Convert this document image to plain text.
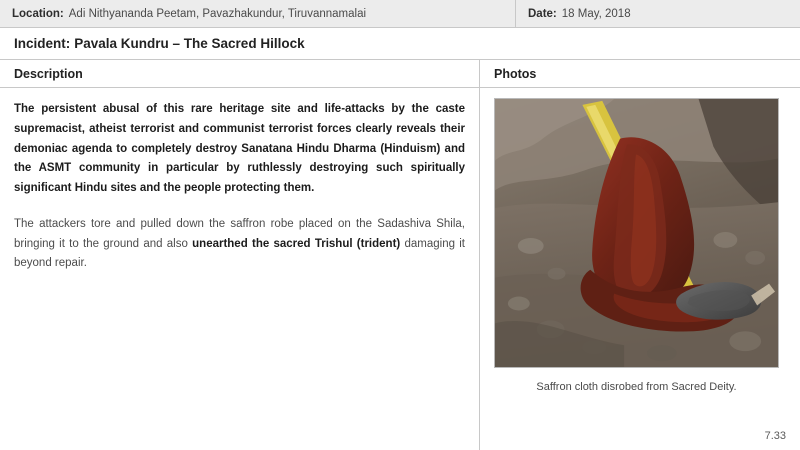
Location: Adi Nithyananda Peetam, Pavazhakundur, Tiruvannamalai	Date: 18 May, 2018
Incident: Pavala Kundru – The Sacred Hillock
Description	Photos

The persistent abusal of this rare heritage site and life-attacks by the caste supremacist, atheist terrorist and communist terrorist forces clearly reveals their demoniac agenda to completely destroy Sanatana Hindu Dharma (Hinduism) and the ASMT community in particular by ruthlessly destroying such spiritually significant Hindu sites and the people protecting them.

The attackers tore and pulled down the saffron robe placed on the Sadashiva Shila, bringing it to the ground and also unearthed the sacred Trishul (trident) damaging it beyond repair.

Saffron cloth disrobed from Sacred Deity.
7.33
